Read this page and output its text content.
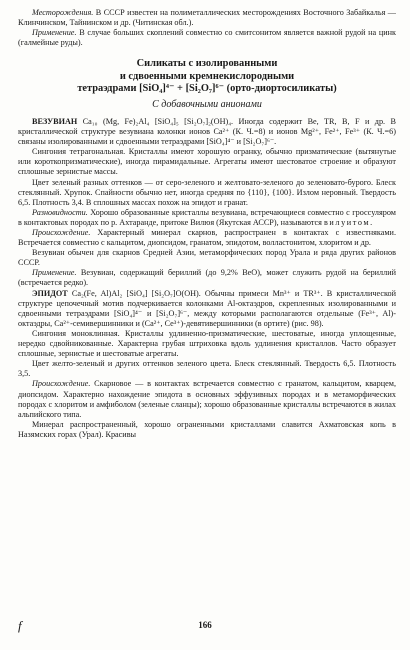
Месторождения. В СССР известен на полиметаллических месторождениях Восточного Забайкалья — Клинчинском, Тайнинском и др. (Читинская обл.).

Применение. В случае больших скоплений совместно со смитсонитом является важной рудой на цинк (галмейные руды).

Силикаты с изолированными
и сдвоенными кремнекислородными
тетраэдрами [SiO₄]⁴⁻ + [Si₂O₇]⁶⁻ (орто-диортосиликаты)
С добавочными анионами

ВЕЗУВИАН Ca₁₀ (Mg, Fe)₂Al₄ [SiO₄]₅ [Si₂O₇]₂(OH)₄. Иногда содержит Be, TR, B, F и др. В кристаллической структуре везувиана колонки ионов Ca²⁺ (К. Ч.=8) и ионов Mg²⁺, Fe²⁺, Fe³⁺ (К. Ч.=6) связаны изолированными и сдвоенными тетраэдрами [SiO₄]⁴⁻ и [Si₂O₇]⁶⁻.

Сингония тетрагональная. Кристаллы имеют хорошую огранку, обычно призматические (вытянутые или короткопризматические), иногда пирамидальные. Агрегаты имеют шестоватое строение и образуют сплошные зернистые массы.

Цвет зеленый разных оттенков — от серо-зеленого и желтовато-зеленого до зеленовато-бурого. Блеск стеклянный. Хрупок. Спайности обычно нет, иногда средняя по {110}, {100}. Излом неровный. Твердость 6,5. Плотность 3,4. В сплошных массах похож на эпидот и гранат.

Разновидности. Хорошо образованные кристаллы везувиана, встречающиеся совместно с гроссуляром в контактовых породах по р. Ахтаранде, притоке Вилюя (Якутская АССР), называются вилуитом.

Происхождение. Характерный минерал скарнов, распространен в контактах с известняками. Встречается совместно с кальцитом, диопсидом, гранатом, эпидотом, волластонитом, хлоритом и др.

Везувиан обычен для скарнов Средней Азии, метаморфических пород Урала и ряда других районов СССР.

Применение. Везувиан, содержащий бериллий (до 9,2% BeO), может служить рудой на бериллий (встречается редко).

ЭПИДОТ Ca₂(Fe, Al)Al₂ [SiO₄] [Si₂O₇]O(OH). Обычны примеси Mn³⁺ и TR³⁺. В кристаллической структуре цепочечный мотив подчеркивается колонками Al-октаэдров, скрепленных изолированными и сдвоенными тетраэдрами [SiO₄]⁴⁻ и [Si₂O₇]⁶⁻, между которыми располагаются отдельные (Fe³⁺, Al)-октаэдры, Ca²⁺-семивершинники и (Ca²⁺, Ce³⁺)-девятивершинники (в ортите) (рис. 98).

Сингония моноклинная. Кристаллы удлиненно-призматические, шестоватые, иногда уплощенные, нередко сдвойникованные. Характерна грубая штриховка вдоль удлинения кристаллов. Часто образует сплошные, зернистые и шестоватые агрегаты.

Цвет желто-зеленый и других оттенков зеленого цвета. Блеск стеклянный. Твердость 6,5. Плотность 3,5.

Происхождение. Скарновое — в контактах встречается совместно с гранатом, кальцитом, кварцем, диопсидом. Характерно нахождение эпидота в основных эффузивных породах и в метаморфических породах с хлоритом и амфиболом (зеленые сланцы); хорошо образованные кристаллы встречаются в жилах альпийского типа.

Минерал распространенный, хорошо ограненными кристаллами славится Ахматовская копь в Назямских горах (Урал). Красивы

f	166
